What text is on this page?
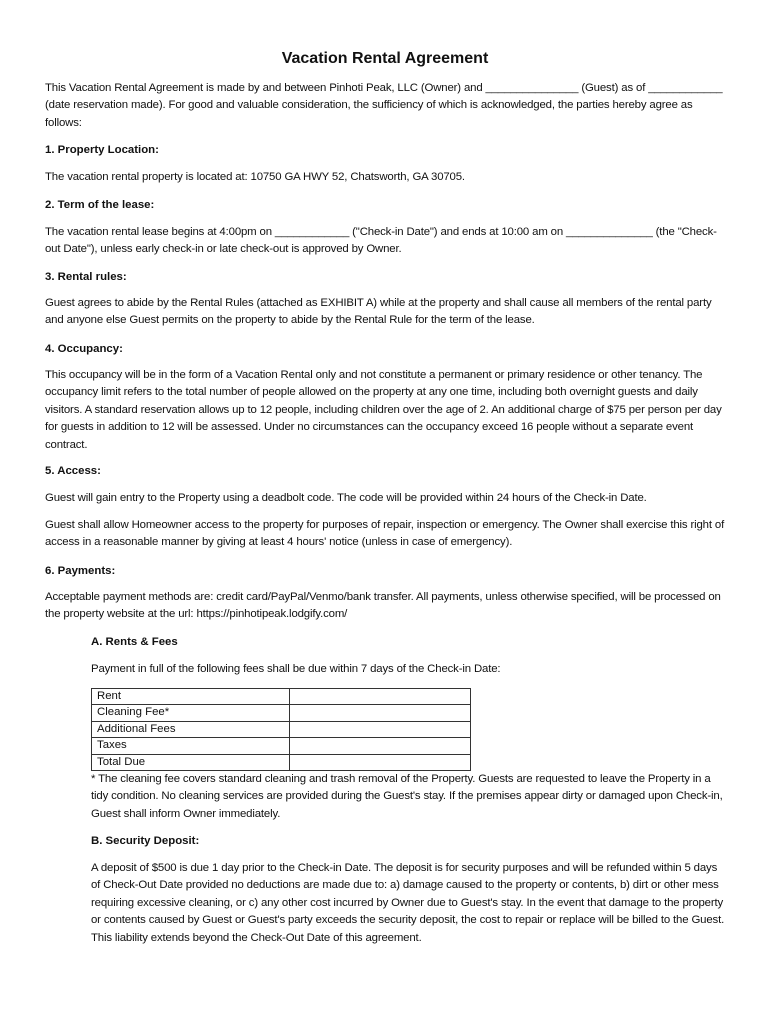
Vacation Rental Agreement

This Vacation Rental Agreement is made by and between Pinhoti Peak, LLC (Owner) and _______________ (Guest) as of ____________ (date reservation made). For good and valuable consideration, the sufficiency of which is acknowledged, the parties hereby agree as follows:

1. Property Location:

The vacation rental property is located at: 10750 GA HWY 52, Chatsworth, GA 30705.

2. Term of the lease:

The vacation rental lease begins at 4:00pm on ____________ ("Check-in Date") and ends at 10:00 am on ______________ (the "Check-out Date"), unless early check-in or late check-out is approved by Owner.

3. Rental rules:

Guest agrees to abide by the Rental Rules (attached as EXHIBIT A) while at the property and shall cause all members of the rental party and anyone else Guest permits on the property to abide by the Rental Rule for the term of the lease.

4. Occupancy:

This occupancy will be in the form of a Vacation Rental only and not constitute a permanent or primary residence or other tenancy. The occupancy limit refers to the total number of people allowed on the property at any one time, including both overnight guests and daily visitors. A standard reservation allows up to 12 people, including children over the age of 2. An additional charge of $75 per person per day for guests in addition to 12 will be assessed. Under no circumstances can the occupancy exceed 16 people without a separate event contract.

5. Access:

Guest will gain entry to the Property using a deadbolt code. The code will be provided within 24 hours of the Check-in Date.

Guest shall allow Homeowner access to the property for purposes of repair, inspection or emergency. The Owner shall exercise this right of access in a reasonable manner by giving at least 4 hours' notice (unless in case of emergency).

6. Payments:

Acceptable payment methods are: credit card/PayPal/Venmo/bank transfer. All payments, unless otherwise specified, will be processed on the property website at the url: https://pinhotipeak.lodgify.com/

A. Rents & Fees

Payment in full of the following fees shall be due within 7 days of the Check-in Date:

Rent	
Cleaning Fee*	
Additional Fees	
Taxes	
Total Due	

* The cleaning fee covers standard cleaning and trash removal of the Property. Guests are requested to leave the Property in a tidy condition. No cleaning services are provided during the Guest's stay. If the premises appear dirty or damaged upon Check-in, Guest shall inform Owner immediately.

B. Security Deposit:

A deposit of $500 is due 1 day prior to the Check-in Date. The deposit is for security purposes and will be refunded within 5 days of Check-Out Date provided no deductions are made due to: a) damage caused to the property or contents, b) dirt or other mess requiring excessive cleaning, or c) any other cost incurred by Owner due to Guest's stay. In the event that damage to the property or contents caused by Guest or Guest's party exceeds the security deposit, the cost to repair or replace will be billed to the Guest. This liability extends beyond the Check-Out Date of this agreement.
